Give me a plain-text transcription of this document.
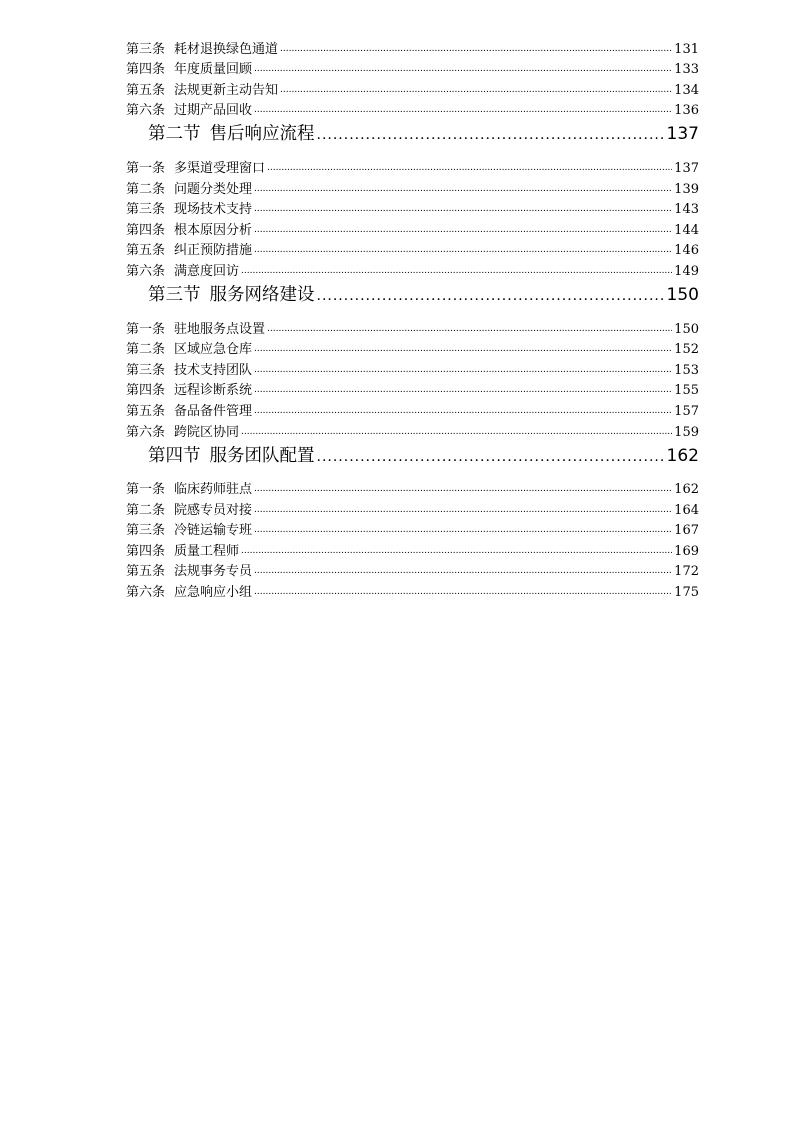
第三条 耗材退换绿色通道 .....	131
第四条 年度质量回顾 .....	133
第五条 法规更新主动告知 .....	134
第六条 过期产品回收 .....	136
第二节 售后响应流程 .....	137
第一条 多渠道受理窗口 .....	137
第二条 问题分类处理 .....	139
第三条 现场技术支持 .....	143
第四条 根本原因分析 .....	144
第五条 纠正预防措施 .....	146
第六条 满意度回访 .....	149
第三节 服务网络建设 .....	150
第一条 驻地服务点设置 .....	150
第二条 区域应急仓库 .....	152
第三条 技术支持团队 .....	153
第四条 远程诊断系统 .....	155
第五条 备品备件管理 .....	157
第六条 跨院区协同 .....	159
第四节 服务团队配置 .....	162
第一条 临床药师驻点 .....	162
第二条 院感专员对接 .....	164
第三条 冷链运输专班 .....	167
第四条 质量工程师 .....	169
第五条 法规事务专员 .....	172
第六条 应急响应小组 .....	175
